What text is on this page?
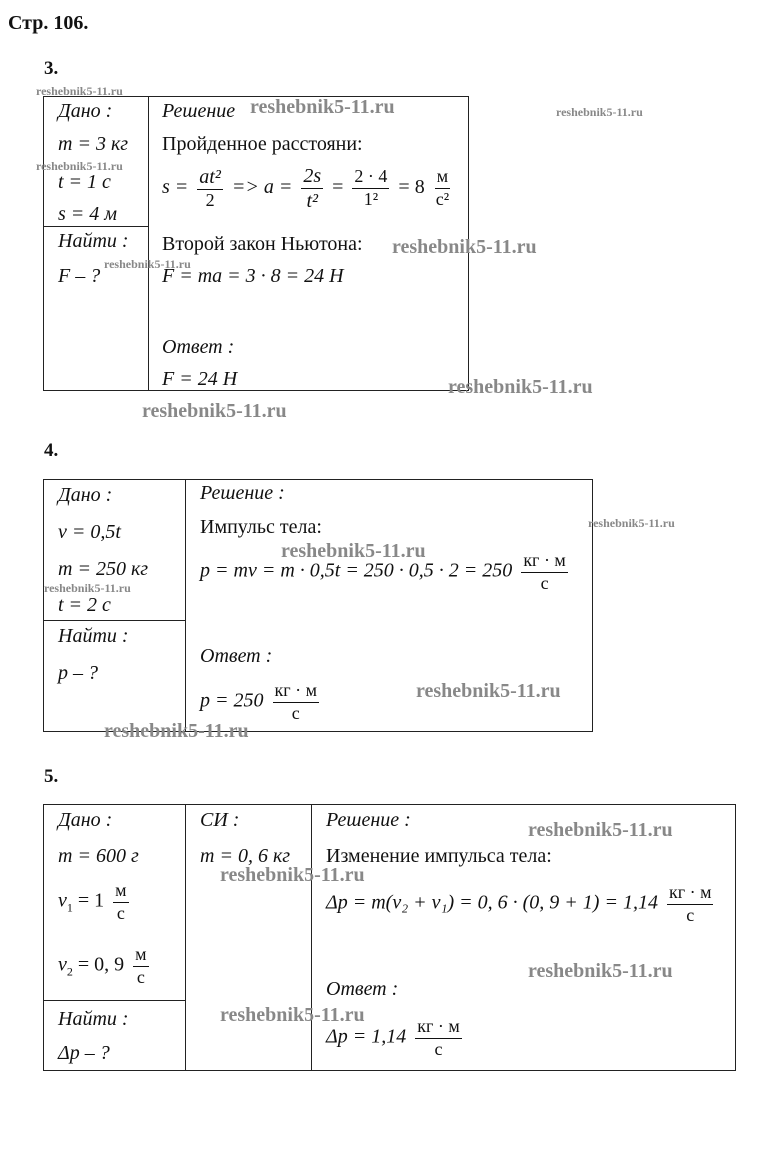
Стр. 106.
3.
Дано :
m = 3 кг
t = 1 с
s = 4 м
Найти :
F – ?
Решение
Пройденное расстояни:
$s = \frac{\text{at²}}{2} => a = \frac{2s}{\text{t²}} = \frac{2 \cdot 4}{\text{1²}} = 8 \frac{м}{\text{с²}}$
Второй закон Ньютона:
F = ma = 3 · 8 = 24 Н
Ответ :
F = 24 Н
4.
Дано :
v = 0,5t
m = 250 кг
t = 2 с
Найти :
p – ?
Решение :
Импульс тела:
p = mv = $m \cdot 0,5t = 250 \cdot 0,5 \cdot 2 = 250 \frac{кг \cdot м}{с}$
Ответ :
$p = 250 \frac{кг \cdot м}{с}$
5.
Дано :
m = 600 г
$v_1 = 1 \frac{м}{с}$
$v_2 = 0$, $9 \frac{м}{с}$
Найти :
Δp – ?
СИ :
m = 0, 6 кг
Решение :
Изменение импульса тела:
Δp = m(v₂ + v₁) = 0, 6 · (0, $9 + 1) = 1,14 \frac{кг \cdot м}{с}$
Ответ :
$\Delta p = 1,14 \frac{кг \cdot м}{с}$
reshebnik5-11.ru
reshebnik5-11.ru	reshebnik5-11.ru
reshebnik5-11.ru
reshebnik5-11.ru
reshebnik5-11.ru
reshebnik5-11.ru
reshebnik5-11.ru
reshebnik5-11.ru
reshebnik5-11.ru
reshebnik5-11.ru
reshebnik5-11.ru
reshebnik5-11.ru
reshebnik5-11.ru
reshebnik5-11.ru
reshebnik5-11.ru
reshebnik5-11.ru
